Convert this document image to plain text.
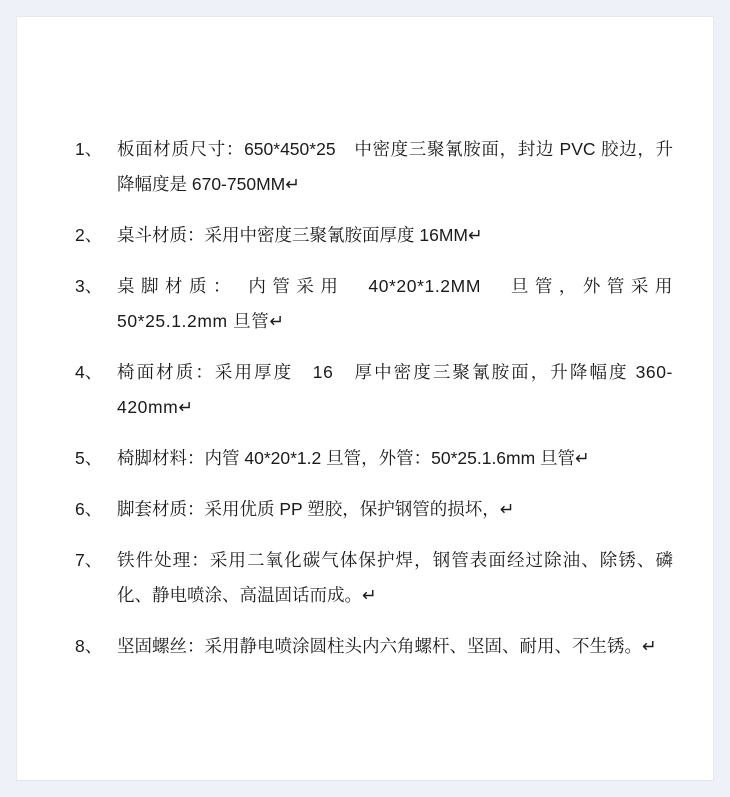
1、 板面材质尺寸：650*450*25　中密度三聚氰胺面，封边 PVC 胶边，升降幅度是 670-750MM↵
2、 桌斗材质：采用中密度三聚氰胺面厚度 16MM↵
3、 桌脚材质： 内管采用　40*20*1.2MM　旦管，外管采用 50*25.1.2mm 旦管↵
4、 椅面材质：采用厚度　16　厚中密度三聚氰胺面，升降幅度 360-420mm↵
5、 椅脚材料：内管 40*20*1.2 旦管，外管：50*25.1.6mm 旦管↵
6、 脚套材质：采用优质 PP 塑胶，保护钢管的损坏，↵
7、 铁件处理：采用二氧化碳气体保护焊，钢管表面经过除油、除锈、磷化、静电喷涂、高温固话而成。↵
8、 坚固螺丝：采用静电喷涂圆柱头内六角螺杆、坚固、耐用、不生锈。↵
